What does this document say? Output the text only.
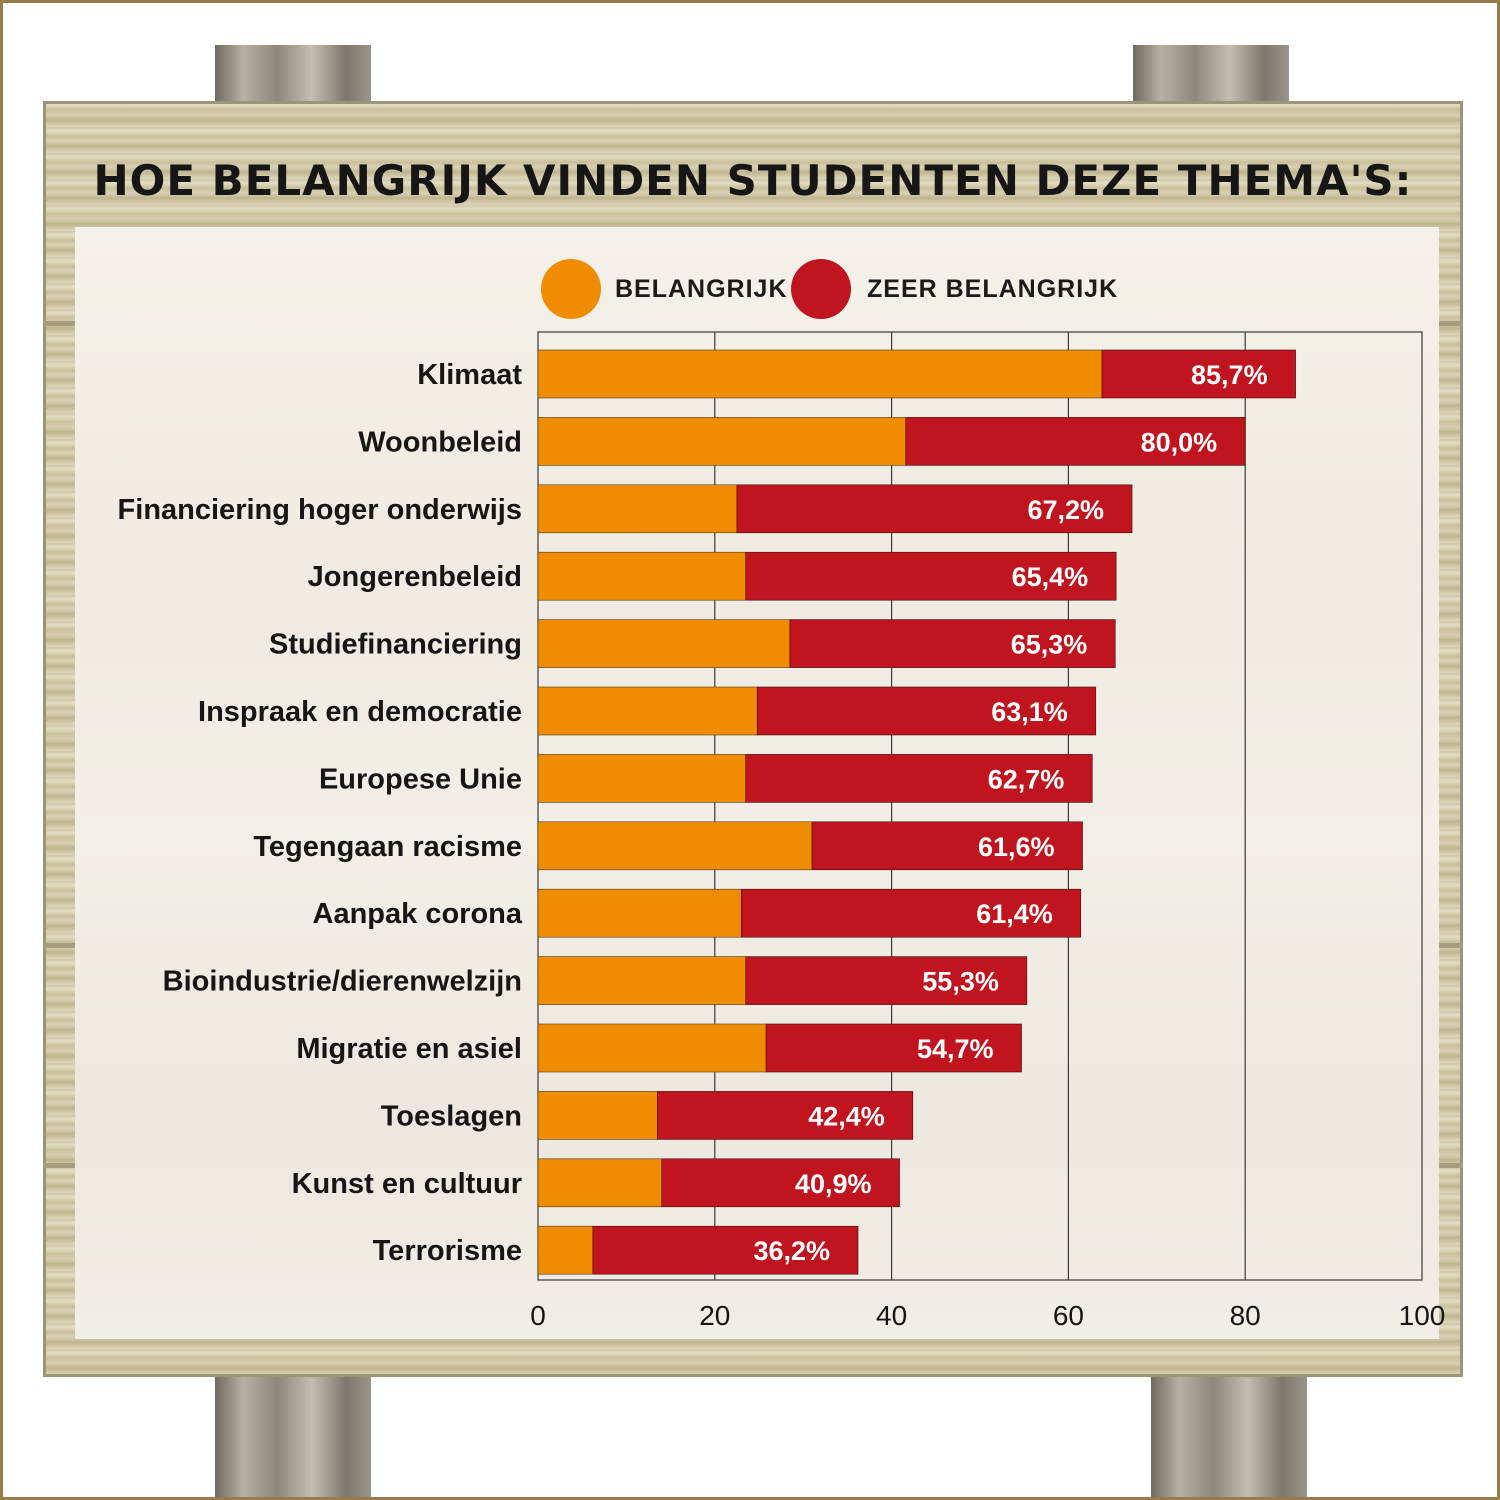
HOE BELANGRIJK VINDEN STUDENTEN DEZE THEMA'S:
BELANGRIJK	ZEER BELANGRIJK
0	20	40	60	80	100
Klimaat	85,7%
Woonbeleid	80,0%
Financiering hoger onderwijs	67,2%
Jongerenbeleid	65,4%
Studiefinanciering	65,3%
Inspraak en democratie	63,1%
Europese Unie	62,7%
Tegengaan racisme	61,6%
Aanpak corona	61,4%
Bioindustrie/dierenwelzijn	55,3%
Migratie en asiel	54,7%
Toeslagen	42,4%
Kunst en cultuur	40,9%
Terrorisme	36,2%
